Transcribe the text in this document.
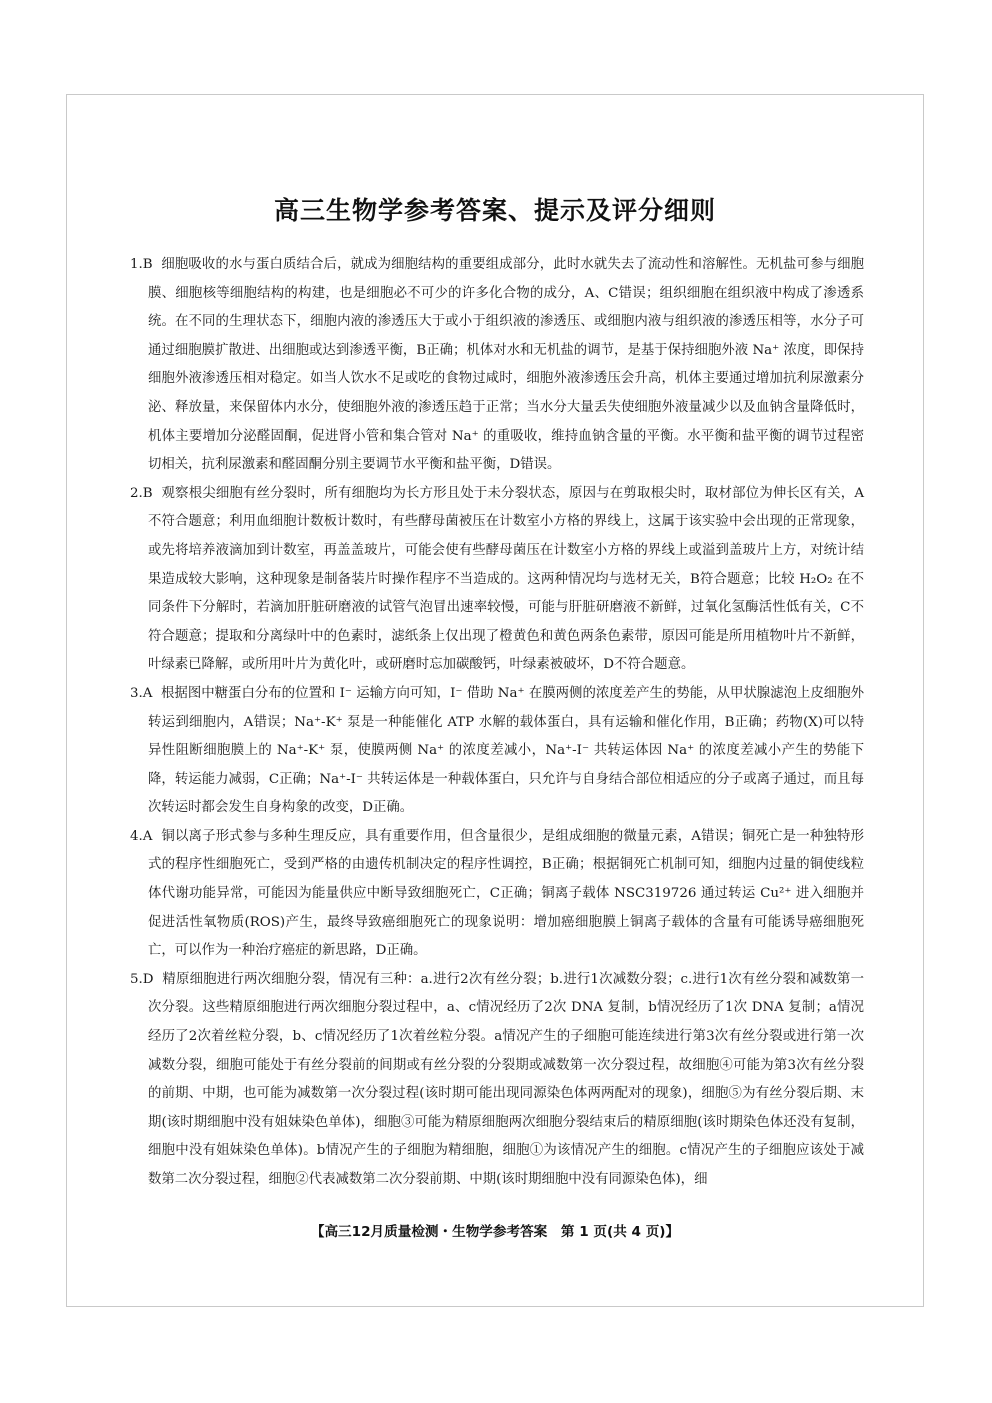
高三生物学参考答案、提示及评分细则

1.B 细胞吸收的水与蛋白质结合后，就成为细胞结构的重要组成部分，此时水就失去了流动性和溶解性。无机盐可参与细胞膜、细胞核等细胞结构的构建，也是细胞必不可少的许多化合物的成分，A、C错误；组织细胞在组织液中构成了渗透系统。在不同的生理状态下，细胞内液的渗透压大于或小于组织液的渗透压、或细胞内液与组织液的渗透压相等，水分子可通过细胞膜扩散进、出细胞或达到渗透平衡，B正确；机体对水和无机盐的调节，是基于保持细胞外液 Na⁺ 浓度，即保持细胞外液渗透压相对稳定。如当人饮水不足或吃的食物过咸时，细胞外液渗透压会升高，机体主要通过增加抗利尿激素分泌、释放量，来保留体内水分，使细胞外液的渗透压趋于正常；当水分大量丢失使细胞外液量减少以及血钠含量降低时，机体主要增加分泌醛固酮，促进肾小管和集合管对 Na⁺ 的重吸收，维持血钠含量的平衡。水平衡和盐平衡的调节过程密切相关，抗利尿激素和醛固酮分别主要调节水平衡和盐平衡，D错误。

2.B 观察根尖细胞有丝分裂时，所有细胞均为长方形且处于未分裂状态，原因与在剪取根尖时，取材部位为伸长区有关，A不符合题意；利用血细胞计数板计数时，有些酵母菌被压在计数室小方格的界线上，这属于该实验中会出现的正常现象，或先将培养液滴加到计数室，再盖盖玻片，可能会使有些酵母菌压在计数室小方格的界线上或溢到盖玻片上方，对统计结果造成较大影响，这种现象是制备装片时操作程序不当造成的。这两种情况均与选材无关，B符合题意；比较 H₂O₂ 在不同条件下分解时，若滴加肝脏研磨液的试管气泡冒出速率较慢，可能与肝脏研磨液不新鲜，过氧化氢酶活性低有关，C不符合题意；提取和分离绿叶中的色素时，滤纸条上仅出现了橙黄色和黄色两条色素带，原因可能是所用植物叶片不新鲜，叶绿素已降解，或所用叶片为黄化叶，或研磨时忘加碳酸钙，叶绿素被破坏，D不符合题意。

3.A 根据图中糖蛋白分布的位置和 I⁻ 运输方向可知，I⁻ 借助 Na⁺ 在膜两侧的浓度差产生的势能，从甲状腺滤泡上皮细胞外转运到细胞内，A错误；Na⁺-K⁺ 泵是一种能催化 ATP 水解的载体蛋白，具有运输和催化作用，B正确；药物(X)可以特异性阻断细胞膜上的 Na⁺-K⁺ 泵，使膜两侧 Na⁺ 的浓度差减小，Na⁺-I⁻ 共转运体因 Na⁺ 的浓度差减小产生的势能下降，转运能力减弱，C正确；Na⁺-I⁻ 共转运体是一种载体蛋白，只允许与自身结合部位相适应的分子或离子通过，而且每次转运时都会发生自身构象的改变，D正确。

4.A 铜以离子形式参与多种生理反应，具有重要作用，但含量很少，是组成细胞的微量元素，A错误；铜死亡是一种独特形式的程序性细胞死亡，受到严格的由遗传机制决定的程序性调控，B正确；根据铜死亡机制可知，细胞内过量的铜使线粒体代谢功能异常，可能因为能量供应中断导致细胞死亡，C正确；铜离子载体 NSC319726 通过转运 Cu²⁺ 进入细胞并促进活性氧物质(ROS)产生，最终导致癌细胞死亡的现象说明：增加癌细胞膜上铜离子载体的含量有可能诱导癌细胞死亡，可以作为一种治疗癌症的新思路，D正确。

5.D 精原细胞进行两次细胞分裂，情况有三种：a.进行2次有丝分裂；b.进行1次减数分裂；c.进行1次有丝分裂和减数第一次分裂。这些精原细胞进行两次细胞分裂过程中，a、c情况经历了2次 DNA 复制，b情况经历了1次 DNA 复制；a情况经历了2次着丝粒分裂，b、c情况经历了1次着丝粒分裂。a情况产生的子细胞可能连续进行第3次有丝分裂或进行第一次减数分裂，细胞可能处于有丝分裂前的间期或有丝分裂的分裂期或减数第一次分裂过程，故细胞④可能为第3次有丝分裂的前期、中期，也可能为减数第一次分裂过程(该时期可能出现同源染色体两两配对的现象)，细胞⑤为有丝分裂后期、末期(该时期细胞中没有姐妹染色单体)，细胞③可能为精原细胞两次细胞分裂结束后的精原细胞(该时期染色体还没有复制，细胞中没有姐妹染色单体)。b情况产生的子细胞为精细胞，细胞①为该情况产生的细胞。c情况产生的子细胞应该处于减数第二次分裂过程，细胞②代表减数第二次分裂前期、中期(该时期细胞中没有同源染色体)，细

【高三12月质量检测・生物学参考答案　第 1 页(共 4 页)】
